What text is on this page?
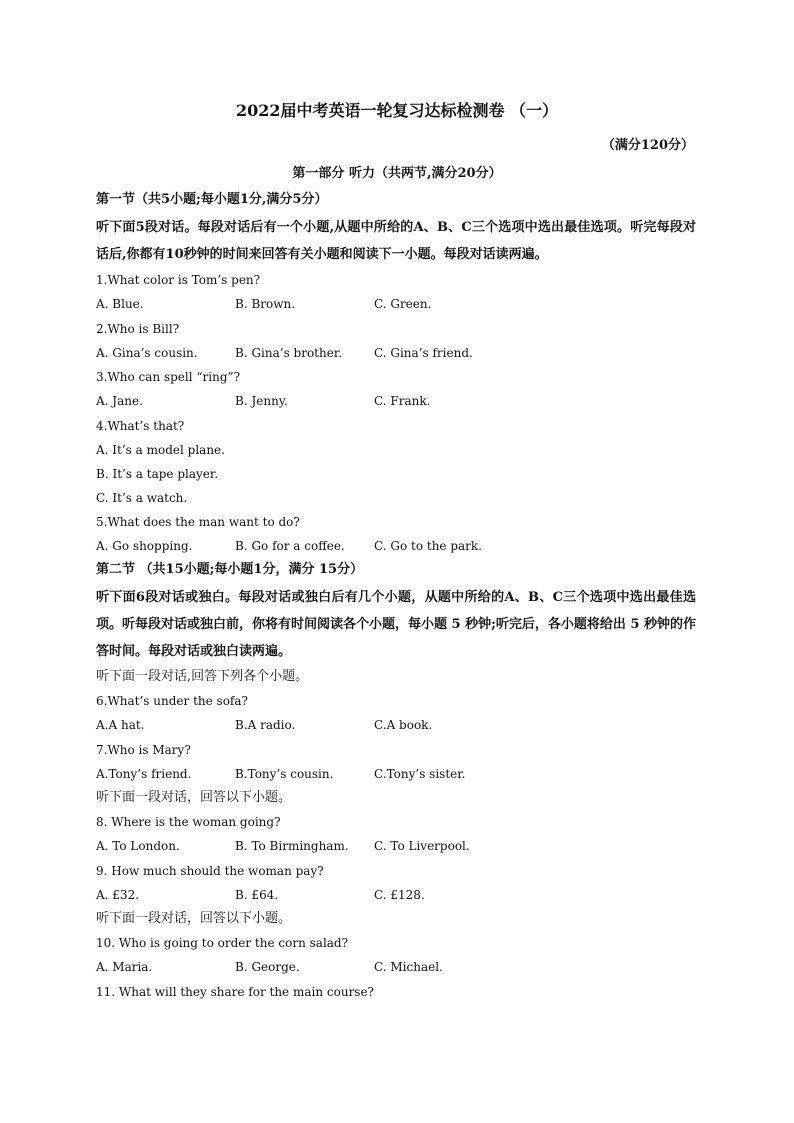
2022届中考英语一轮复习达标检测卷 （一）
（满分120分）
第一部分 听力（共两节,满分20分）
第一节（共5小题;每小题1分,满分5分）
听下面5段对话。每段对话后有一个小题,从题中所给的A、B、C三个选项中选出最佳选项。听完每段对话后,你都有10秒钟的时间来回答有关小题和阅读下一小题。每段对话读两遍。
1.What color is Tom’s pen?
A. Blue.	B. Brown.	C. Green.
2.Who is Bill?
A. Gina’s cousin.	B. Gina’s brother.	C. Gina’s friend.
3.Who can spell “ring”?
A. Jane.	B. Jenny.	C. Frank.
4.What’s that?
A. It’s a model plane.
B. It’s a tape player.
C. It’s a watch.
5.What does the man want to do?
A. Go shopping.	B. Go for a coffee.	C. Go to the park.
第二节 （共15小题;每小题1分，满分 15分）
听下面6段对话或独白。每段对话或独白后有几个小题，从题中所给的A、B、C三个选项中选出最佳选项。听每段对话或独白前，你将有时间阅读各个小题，每小题 5 秒钟;听完后，各小题将给出 5 秒钟的作答时间。每段对话或独白读两遍。
听下面一段对话,回答下列各个小题。
6.What’s under the sofa?
A.A hat.	B.A radio.	C.A book.
7.Who is Mary?
A.Tony’s friend.	B.Tony’s cousin.	C.Tony’s sister.
听下面一段对话，回答以下小题。
8. Where is the woman going?
A. To London.	B. To Birmingham.	C. To Liverpool.
9. How much should the woman pay?
A. £32.	B. £64.	C. £128.
听下面一段对话，回答以下小题。
10. Who is going to order the corn salad?
A. Maria.	B. George.	C. Michael.
11. What will they share for the main course?
